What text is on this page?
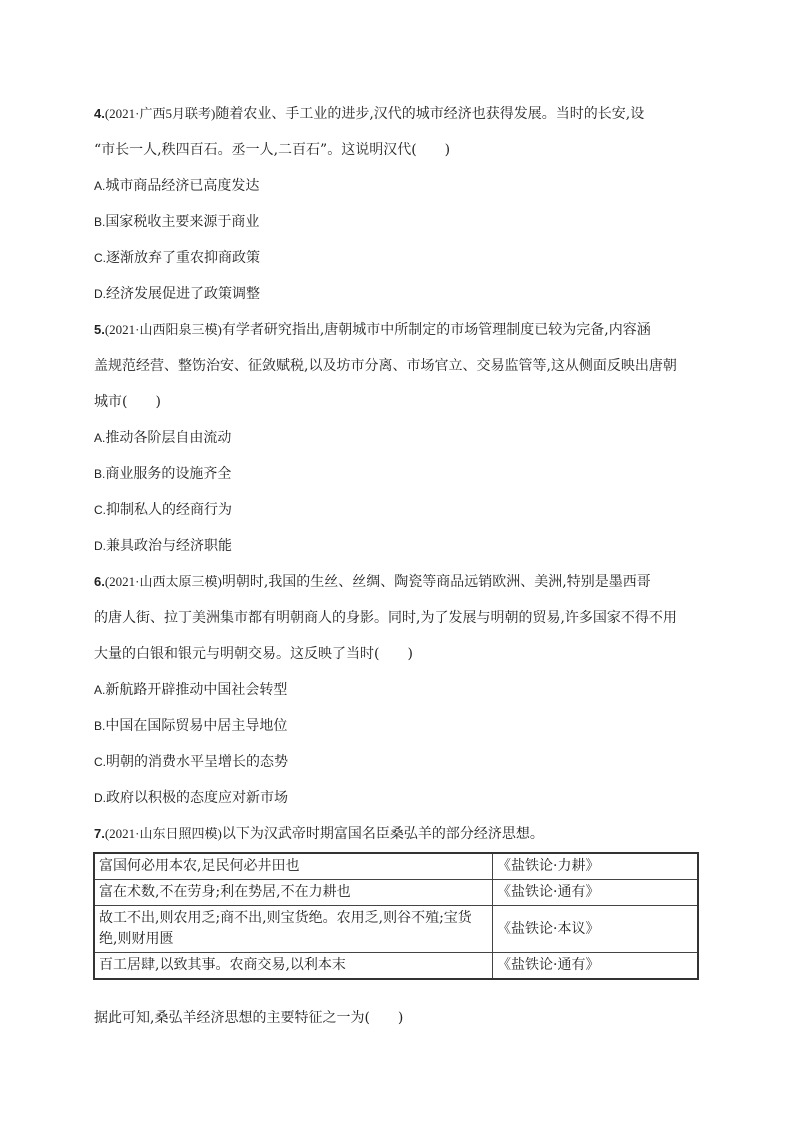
4.(2021·广西5月联考)随着农业、手工业的进步,汉代的城市经济也获得发展。当时的长安,设
“市长一人,秩四百石。丞一人,二百石”。这说明汉代(　　)
A.城市商品经济已高度发达
B.国家税收主要来源于商业
C.逐渐放弃了重农抑商政策
D.经济发展促进了政策调整
5.(2021·山西阳泉三模)有学者研究指出,唐朝城市中所制定的市场管理制度已较为完备,内容涵
盖规范经营、整饬治安、征敛赋税,以及坊市分离、市场官立、交易监管等,这从侧面反映出唐朝
城市(　　)
A.推动各阶层自由流动
B.商业服务的设施齐全
C.抑制私人的经商行为
D.兼具政治与经济职能
6.(2021·山西太原三模)明朝时,我国的生丝、丝绸、陶瓷等商品远销欧洲、美洲,特别是墨西哥
的唐人街、拉丁美洲集市都有明朝商人的身影。同时,为了发展与明朝的贸易,许多国家不得不用
大量的白银和银元与明朝交易。这反映了当时(　　)
A.新航路开辟推动中国社会转型
B.中国在国际贸易中居主导地位
C.明朝的消费水平呈增长的态势
D.政府以积极的态度应对新市场
7.(2021·山东日照四模)以下为汉武帝时期富国名臣桑弘羊的部分经济思想。
富国何必用本农,足民何必井田也	《盐铁论·力耕》
富在术数,不在劳身;利在势居,不在力耕也	《盐铁论·通有》
故工不出,则农用乏;商不出,则宝货绝。农用乏,则谷不殖;宝货绝,则财用匮	《盐铁论·本议》
百工居肆,以致其事。农商交易,以利本末	《盐铁论·通有》
据此可知,桑弘羊经济思想的主要特征之一为(　　)
